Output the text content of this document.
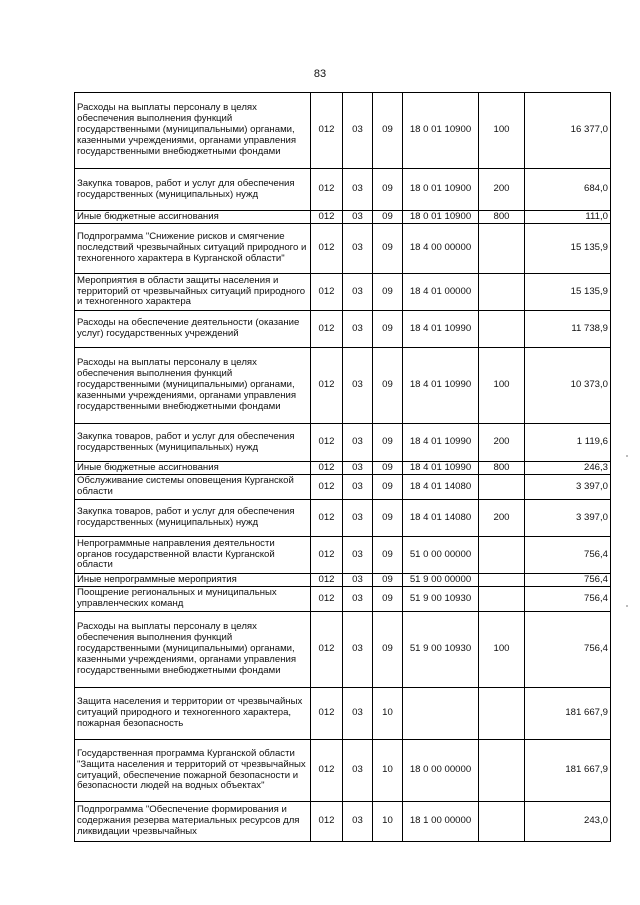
83
Расходы на выплаты персоналу в целях обеспечения выполнения функций государственными (муниципальными) органами, казенными учреждениями, органами управления государственными внебюджетными фондами	012	03	09	18 0 01 10900	100	16 377,0
Закупка товаров, работ и услуг для обеспечения государственных (муниципальных) нужд	012	03	09	18 0 01 10900	200	684,0
Иные бюджетные ассигнования	012	03	09	18 0 01 10900	800	111,0
Подпрограмма "Снижение рисков и смягчение последствий чрезвычайных ситуаций природного и техногенного характера в Курганской области"	012	03	09	18 4 00 00000		15 135,9
Мероприятия в области защиты населения и территорий от чрезвычайных ситуаций природного и техногенного характера	012	03	09	18 4 01 00000		15 135,9
Расходы на обеспечение деятельности (оказание услуг) государственных учреждений	012	03	09	18 4 01 10990		11 738,9
Расходы на выплаты персоналу в целях обеспечения выполнения функций государственными (муниципальными) органами, казенными учреждениями, органами управления государственными внебюджетными фондами	012	03	09	18 4 01 10990	100	10 373,0
Закупка товаров, работ и услуг для обеспечения государственных (муниципальных) нужд	012	03	09	18 4 01 10990	200	1 119,6
Иные бюджетные ассигнования	012	03	09	18 4 01 10990	800	246,3
Обслуживание системы оповещения Курганской области	012	03	09	18 4 01 14080		3 397,0
Закупка товаров, работ и услуг для обеспечения государственных (муниципальных) нужд	012	03	09	18 4 01 14080	200	3 397,0
Непрограммные направления деятельности органов государственной власти Курганской области	012	03	09	51 0 00 00000		756,4
Иные непрограммные мероприятия	012	03	09	51 9 00 00000		756,4
Поощрение региональных и муниципальных управленческих команд	012	03	09	51 9 00 10930		756,4
Расходы на выплаты персоналу в целях обеспечения выполнения функций государственными (муниципальными) органами, казенными учреждениями, органами управления государственными внебюджетными фондами	012	03	09	51 9 00 10930	100	756,4
Защита населения и территории от чрезвычайных ситуаций природного и техногенного характера, пожарная безопасность	012	03	10			181 667,9
Государственная программа Курганской области "Защита населения и территорий от чрезвычайных ситуаций, обеспечение пожарной безопасности и безопасности людей на водных объектах"	012	03	10	18 0 00 00000		181 667,9
Подпрограмма "Обеспечение формирования и содержания резерва материальных ресурсов для ликвидации чрезвычайных	012	03	10	18 1 00 00000		243,0
